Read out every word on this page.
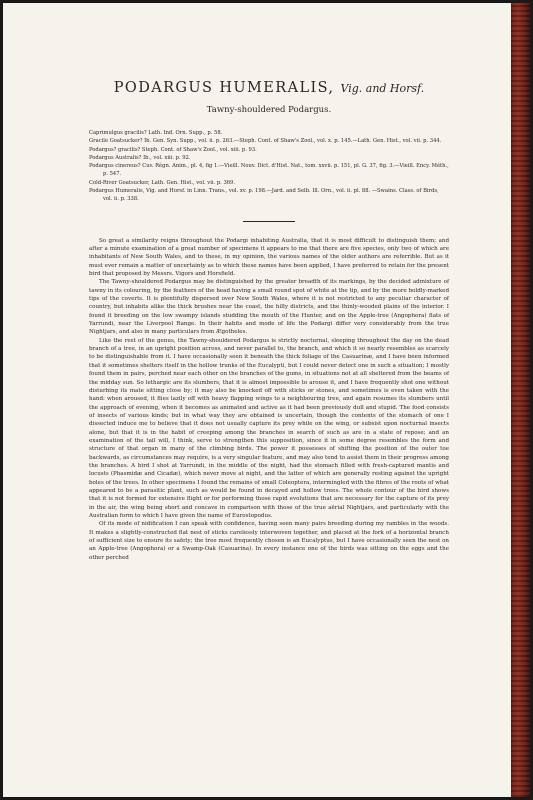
PODARGUS HUMERALIS, Vig. and Horsf.
Tawny-shouldered Podargus.

Caprimulgus gracilis? Lath. Ind. Orn. Supp., p. 58.

Gracile Goatsucker? Ib. Gen. Syn. Supp., vol. ii. p. 263.—Steph. Cont. of Shaw's Zool., vol. x. p. 145.—Lath. Gen. Hist., vol. vii. p. 344.

Podargus? gracilis? Steph. Cont. of Shaw's Zool., vol. xiii. p. 93.

Podargus Australis? Ib., vol. xiii. p. 92.

Podargus cinereus? Cuv. Règn. Anim., pl. 4, fig 1.—Vieill. Nouv. Dict. d'Hist. Nat., tom. xxvii. p. 151, pl. G. 37, fig. 3.—Vieill. Ency. Méth., p. 547.

Cold-River Goatsucker, Lath. Gen. Hist., vol. vii. p. 369.

Podargus Humeralis, Vig. and Horsf. in Linn. Trans., vol. xv. p. 198.—Jard. and Selb. Ill. Orn., vol. ii. pl. 88. —Swains. Class. of Birds, vol. ii. p. 338.

So great a similarity reigns throughout the Podargi inhabiting Australia, that it is most difficult to distinguish them; and after a minute examination of a great number of specimens it appears to me that there are five species, only two of which are inhabitants of New South Wales, and to these, in my opinion, the various names of the older authors are referrible. But as it must ever remain a matter of uncertainty as to which these names have been applied, I have preferred to retain for the present bird that proposed by Messrs. Vigors and Horsfield.

The Tawny-shouldered Podargus may be distinguished by the greater breadth of its markings, by the decided admixture of tawny in its colouring, by the feathers of the head having a small round spot of white at the tip, and by the more boldly-marked tips of the coverts. It is plentifully dispersed over New South Wales, where it is not restricted to any peculiar character of country, but inhabits alike the thick brushes near the coast, the hilly districts, and the thinly-wooded plains of the interior. I found it breeding on the low swampy islands studding the mouth of the Hunter, and on the Apple-tree (Angophora) flats of Yarrundi, near the Liverpool Range. In their habits and mode of life the Podargi differ very considerably from the true Nightjars, and also in many particulars from Ægotheles.

Like the rest of the genus, the Tawny-shouldered Podargus is strictly nocturnal, sleeping throughout the day on the dead branch of a tree, in an upright position across, and never parallel to, the branch, and which it so nearly resembles as scarcely to be distinguishable from it. I have occasionally seen it beneath the thick foliage of the Casuarinæ, and I have been informed that it sometimes shelters itself in the hollow trunks of the Eucalypti, but I could never detect one in such a situation; I mostly found them in pairs, perched near each other on the branches of the gums, in situations not at all sheltered from the beams of the midday sun. So lethargic are its slumbers, that it is almost impossible to arouse it, and I have frequently shot one without disturbing its mate sitting close by; it may also be knocked off with sticks or stones, and sometimes is even taken with the hand: when aroused, it flies lazily off with heavy flapping wings to a neighbouring tree, and again resumes its slumbers until the approach of evening, when it becomes as animated and active as it had been previously dull and stupid. The food consists of insects of various kinds; but in what way they are obtained is uncertain, though the contents of the stomach of one I dissected induce me to believe that it does not usually capture its prey while on the wing, or subsist upon nocturnal insects alone, but that it is in the habit of creeping among the branches in search of such as are in a state of repose; and an examination of the tail will, I think, serve to strengthen this supposition, since it in some degree resembles the form and structure of that organ in many of the climbing birds. The power it possesses of shifting the position of the outer toe backwards, as circumstances may require, is a very singular feature, and may also tend to assist them in their progress among the branches. A bird I shot at Yarrundi, in the middle of the night, had the stomach filled with fresh-captured mantis and locusts (Phasmidæ and Cicadæ), which never move at night, and the latter of which are generally resting against the upright boles of the trees. In other specimens I found the remains of small Coleoptera, intermingled with the fibres of the roots of what appeared to be a parasitic plant, such as would be found in decayed and hollow trees. The whole contour of the bird shows that it is not formed for extensive flight or for performing those rapid evolutions that are necessary for the capture of its prey in the air, the wing being short and concave in comparison with those of the true aërial Nightjars, and particularly with the Australian form to which I have given the name of Eurostopodus.

Of its mode of nidification I can speak with confidence, having seen many pairs breeding during my rambles in the woods. It makes a slightly-constructed flat nest of sticks carelessly interwoven together, and placed at the fork of a horizontal branch of sufficient size to ensure its safety; the tree most frequently chosen is an Eucalyptus, but I have occasionally seen the nest on an Apple-tree (Angophora) or a Swamp-Oak (Casuarina). In every instance one of the birds was sitting on the eggs and the other perched
